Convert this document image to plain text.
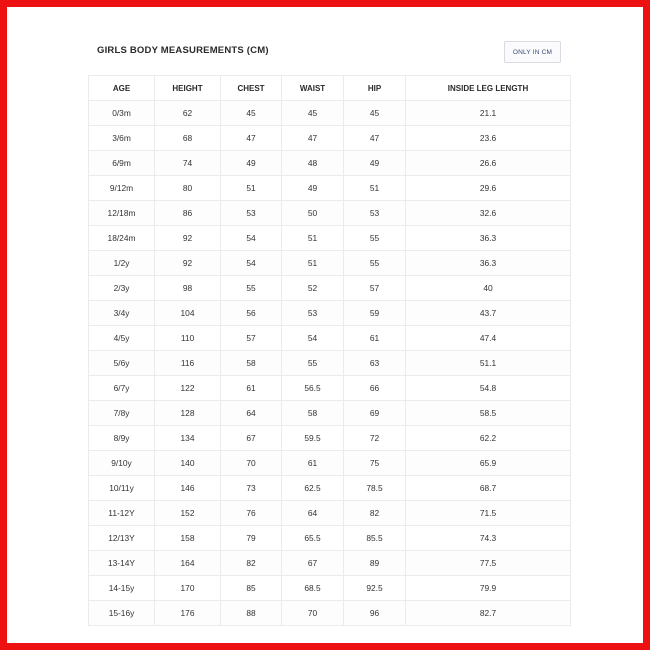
GIRLS BODY MEASUREMENTS (CM)	ONLY IN CM
AGE	HEIGHT	CHEST	WAIST	HIP	INSIDE LEG LENGTH
0/3m	62	45	45	45	21.1
3/6m	68	47	47	47	23.6
6/9m	74	49	48	49	26.6
9/12m	80	51	49	51	29.6
12/18m	86	53	50	53	32.6
18/24m	92	54	51	55	36.3
1/2y	92	54	51	55	36.3
2/3y	98	55	52	57	40
3/4y	104	56	53	59	43.7
4/5y	110	57	54	61	47.4
5/6y	116	58	55	63	51.1
6/7y	122	61	56.5	66	54.8
7/8y	128	64	58	69	58.5
8/9y	134	67	59.5	72	62.2
9/10y	140	70	61	75	65.9
10/11y	146	73	62.5	78.5	68.7
11-12Y	152	76	64	82	71.5
12/13Y	158	79	65.5	85.5	74.3
13-14Y	164	82	67	89	77.5
14-15y	170	85	68.5	92.5	79.9
15-16y	176	88	70	96	82.7
